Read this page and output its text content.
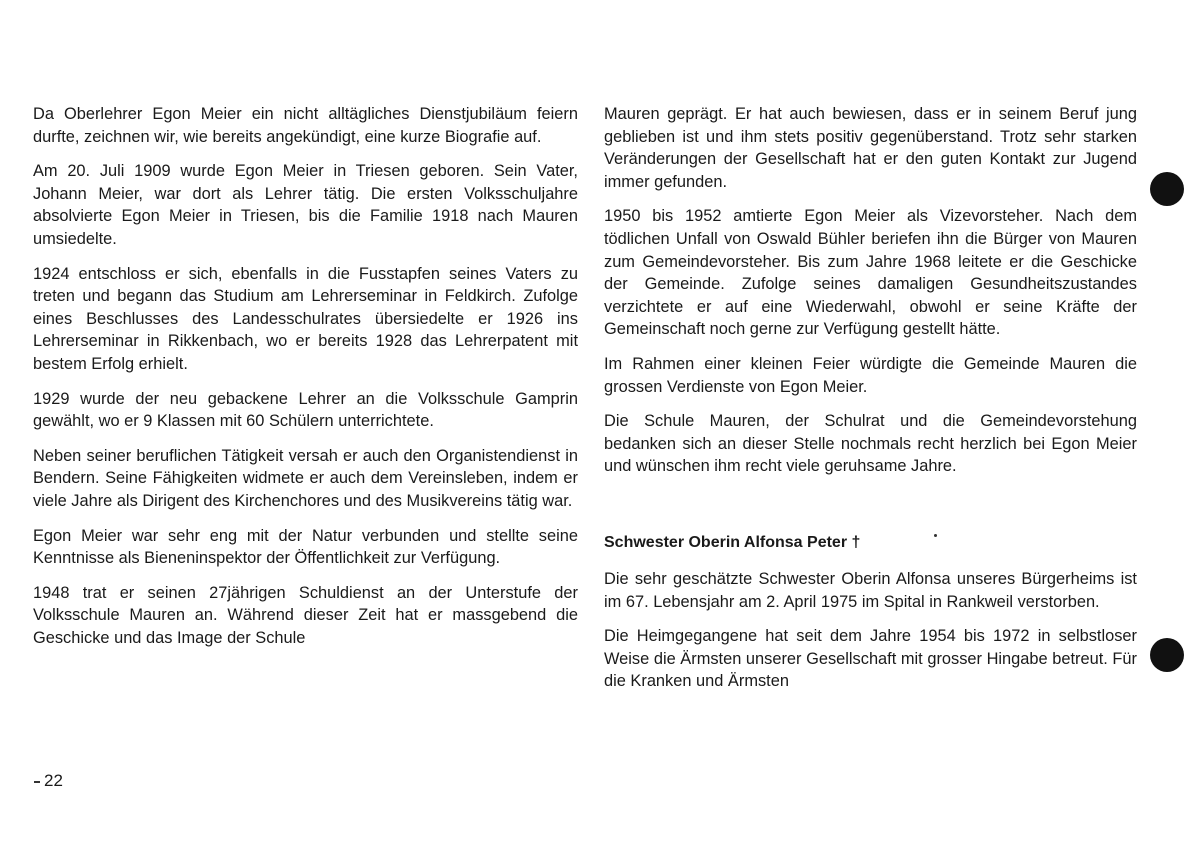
Da Oberlehrer Egon Meier ein nicht alltägliches Dienstjubiläum feiern durfte, zeichnen wir, wie bereits angekündigt, eine kurze Biografie auf.

Am 20. Juli 1909 wurde Egon Meier in Triesen geboren. Sein Vater, Johann Meier, war dort als Lehrer tätig. Die ersten Volksschuljahre absolvierte Egon Meier in Triesen, bis die Familie 1918 nach Mauren umsiedelte.

1924 entschloss er sich, ebenfalls in die Fusstapfen seines Vaters zu treten und begann das Studium am Lehrerseminar in Feldkirch. Zufolge eines Beschlusses des Landesschulrates übersiedelte er 1926 ins Lehrerseminar in Rikkenbach, wo er bereits 1928 das Lehrerpatent mit bestem Erfolg erhielt.

1929 wurde der neu gebackene Lehrer an die Volksschule Gamprin gewählt, wo er 9 Klassen mit 60 Schülern unterrichtete.

Neben seiner beruflichen Tätigkeit versah er auch den Organistendienst in Bendern. Seine Fähigkeiten widmete er auch dem Vereinsleben, indem er viele Jahre als Dirigent des Kirchenchores und des Musikvereins tätig war.

Egon Meier war sehr eng mit der Natur verbunden und stellte seine Kenntnisse als Bieneninspektor der Öffentlichkeit zur Verfügung.

1948 trat er seinen 27jährigen Schuldienst an der Unterstufe der Volksschule Mauren an. Während dieser Zeit hat er massgebend die Geschicke und das Image der Schule

Mauren geprägt. Er hat auch bewiesen, dass er in seinem Beruf jung geblieben ist und ihm stets positiv gegenüberstand. Trotz sehr starken Veränderungen der Gesellschaft hat er den guten Kontakt zur Jugend immer gefunden.

1950 bis 1952 amtierte Egon Meier als Vizevorsteher. Nach dem tödlichen Unfall von Oswald Bühler beriefen ihn die Bürger von Mauren zum Gemeindevorsteher. Bis zum Jahre 1968 leitete er die Geschicke der Gemeinde. Zufolge seines damaligen Gesundheitszustandes verzichtete er auf eine Wiederwahl, obwohl er seine Kräfte der Gemeinschaft noch gerne zur Verfügung gestellt hätte.

Im Rahmen einer kleinen Feier würdigte die Gemeinde Mauren die grossen Verdienste von Egon Meier.

Die Schule Mauren, der Schulrat und die Gemeindevorstehung bedanken sich an dieser Stelle nochmals recht herzlich bei Egon Meier und wünschen ihm recht viele geruhsame Jahre.

Schwester Oberin Alfonsa Peter †

Die sehr geschätzte Schwester Oberin Alfonsa unseres Bürgerheims ist im 67. Lebensjahr am 2. April 1975 im Spital in Rankweil verstorben.

Die Heimgegangene hat seit dem Jahre 1954 bis 1972 in selbstloser Weise die Ärmsten unserer Gesellschaft mit grosser Hingabe betreut. Für die Kranken und Ärmsten

22
